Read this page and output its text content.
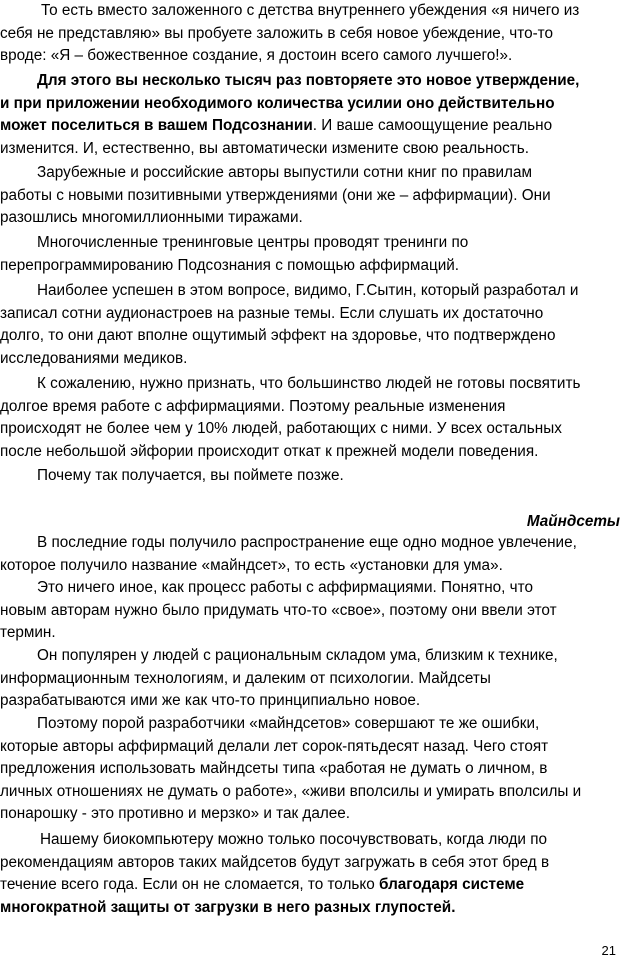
То есть вместо заложенного с детства внутреннего убеждения «я ничего из
себя не представляю» вы пробуете заложить в себя новое убеждение, что-то
вроде: «Я – божественное создание, я достоин всего самого лучшего!».

Для этого вы несколько тысяч раз повторяете это новое утверждение,
и при приложении необходимого количества усилии оно действительно
может поселиться в вашем Подсознании. И ваше самоощущение реально
изменится. И, естественно, вы автоматически измените свою реальность.

Зарубежные и российские авторы выпустили сотни книг по правилам
работы с новыми позитивными утверждениями (они же – аффирмации). Они
разошлись многомиллионными тиражами.

Многочисленные тренинговые центры проводят тренинги по
перепрограммированию Подсознания с помощью аффирмаций.

Наиболее успешен в этом вопросе, видимо, Г.Сытин, который разработал и
записал сотни аудионастроев на разные темы. Если слушать их достаточно
долго, то они дают вполне ощутимый эффект на здоровье, что подтверждено
исследованиями медиков.

К сожалению, нужно признать, что большинство людей не готовы посвятить
долгое время работе с аффирмациями. Поэтому реальные изменения
происходят не более чем у 10% людей, работающих с ними. У всех остальных
после небольшой эйфории происходит откат к прежней модели поведения.

Почему так получается, вы поймете позже.

Майндсеты

В последние годы получило распространение еще одно модное увлечение,
которое получило название «майндсет», то есть «установки для ума».
Это ничего иное, как процесс работы с аффирмациями. Понятно, что
новым авторам нужно было придумать что-то «свое», поэтому они ввели этот
термин.

Он популярен у людей с рациональным складом ума, близким к технике,
информационным технологиям, и далеким от психологии. Майдсеты
разрабатываются ими же как что-то принципиально новое.

Поэтому порой разработчики «майндсетов» совершают те же ошибки,
которые авторы аффирмаций делали лет сорок-пятьдесят назад. Чего стоят
предложения использовать майндсеты типа «работая не думать о личном, в
личных отношениях не думать о работе», «живи вполсилы и умирать вполсилы и
понарошку - это противно и мерзко» и так далее.

Нашему биокомпьютеру можно только посочувствовать, когда люди по
рекомендациям авторов таких майдсетов будут загружать в себя этот бред в
течение всего года. Если он не сломается, то только благодаря системе
многократной защиты от загрузки в него разных глупостей.

21
